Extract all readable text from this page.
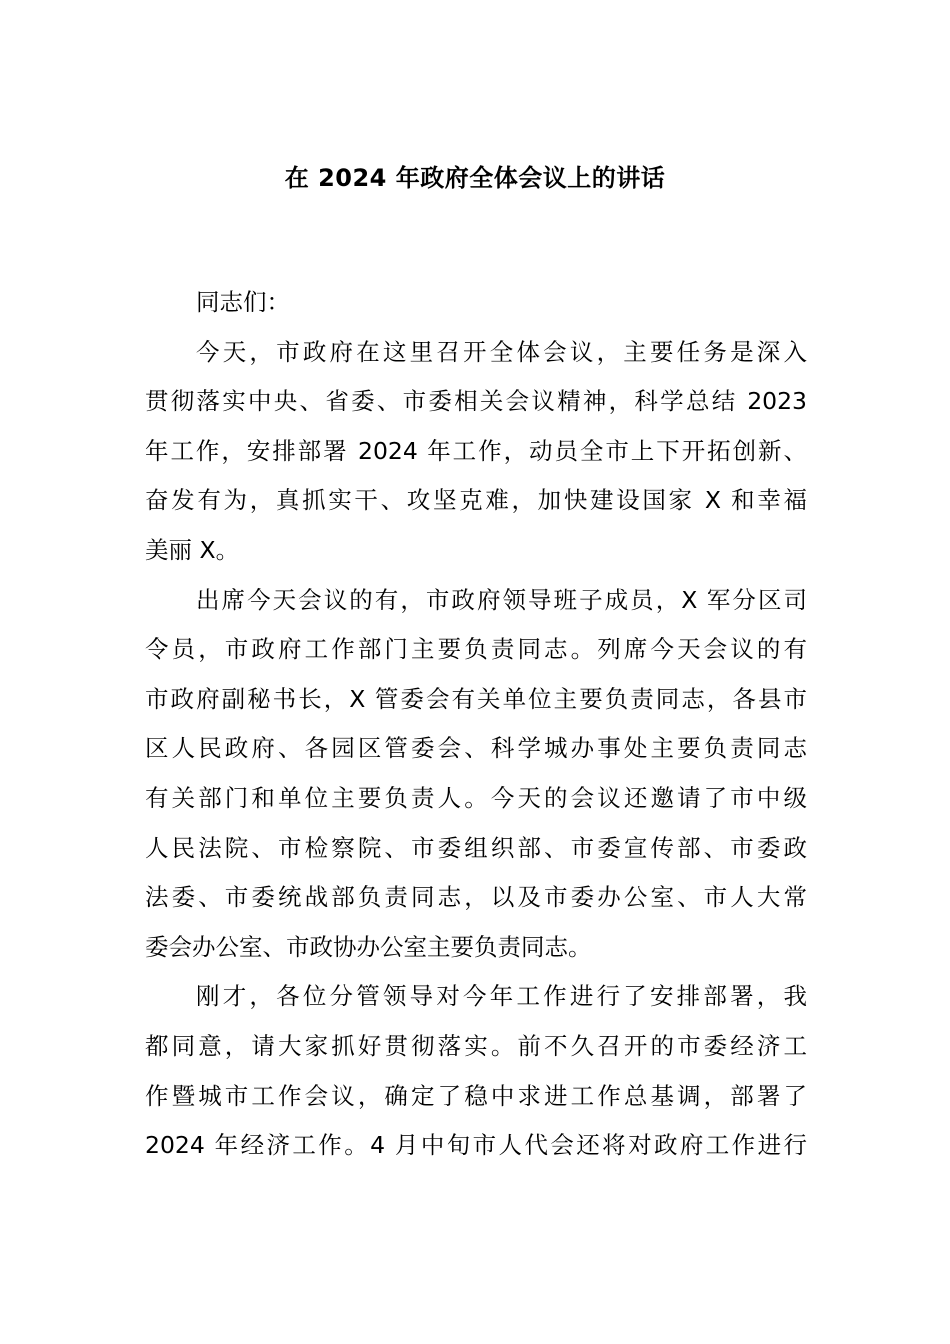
在 2024 年政府全体会议上的讲话
同志们：
今天，市政府在这里召开全体会议，主要任务是深入
贯彻落实中央、省委、市委相关会议精神，科学总结 2023
年工作，安排部署 2024 年工作，动员全市上下开拓创新、
奋发有为，真抓实干、攻坚克难，加快建设国家 X 和幸福
美丽 X。
出席今天会议的有，市政府领导班子成员，X 军分区司
令员，市政府工作部门主要负责同志。列席今天会议的有
市政府副秘书长，X 管委会有关单位主要负责同志，各县市
区人民政府、各园区管委会、科学城办事处主要负责同志
有关部门和单位主要负责人。今天的会议还邀请了市中级
人民法院、市检察院、市委组织部、市委宣传部、市委政
法委、市委统战部负责同志，以及市委办公室、市人大常
委会办公室、市政协办公室主要负责同志。
刚才，各位分管领导对今年工作进行了安排部署，我
都同意，请大家抓好贯彻落实。前不久召开的市委经济工
作暨城市工作会议，确定了稳中求进工作总基调，部署了
2024 年经济工作。4 月中旬市人代会还将对政府工作进行
